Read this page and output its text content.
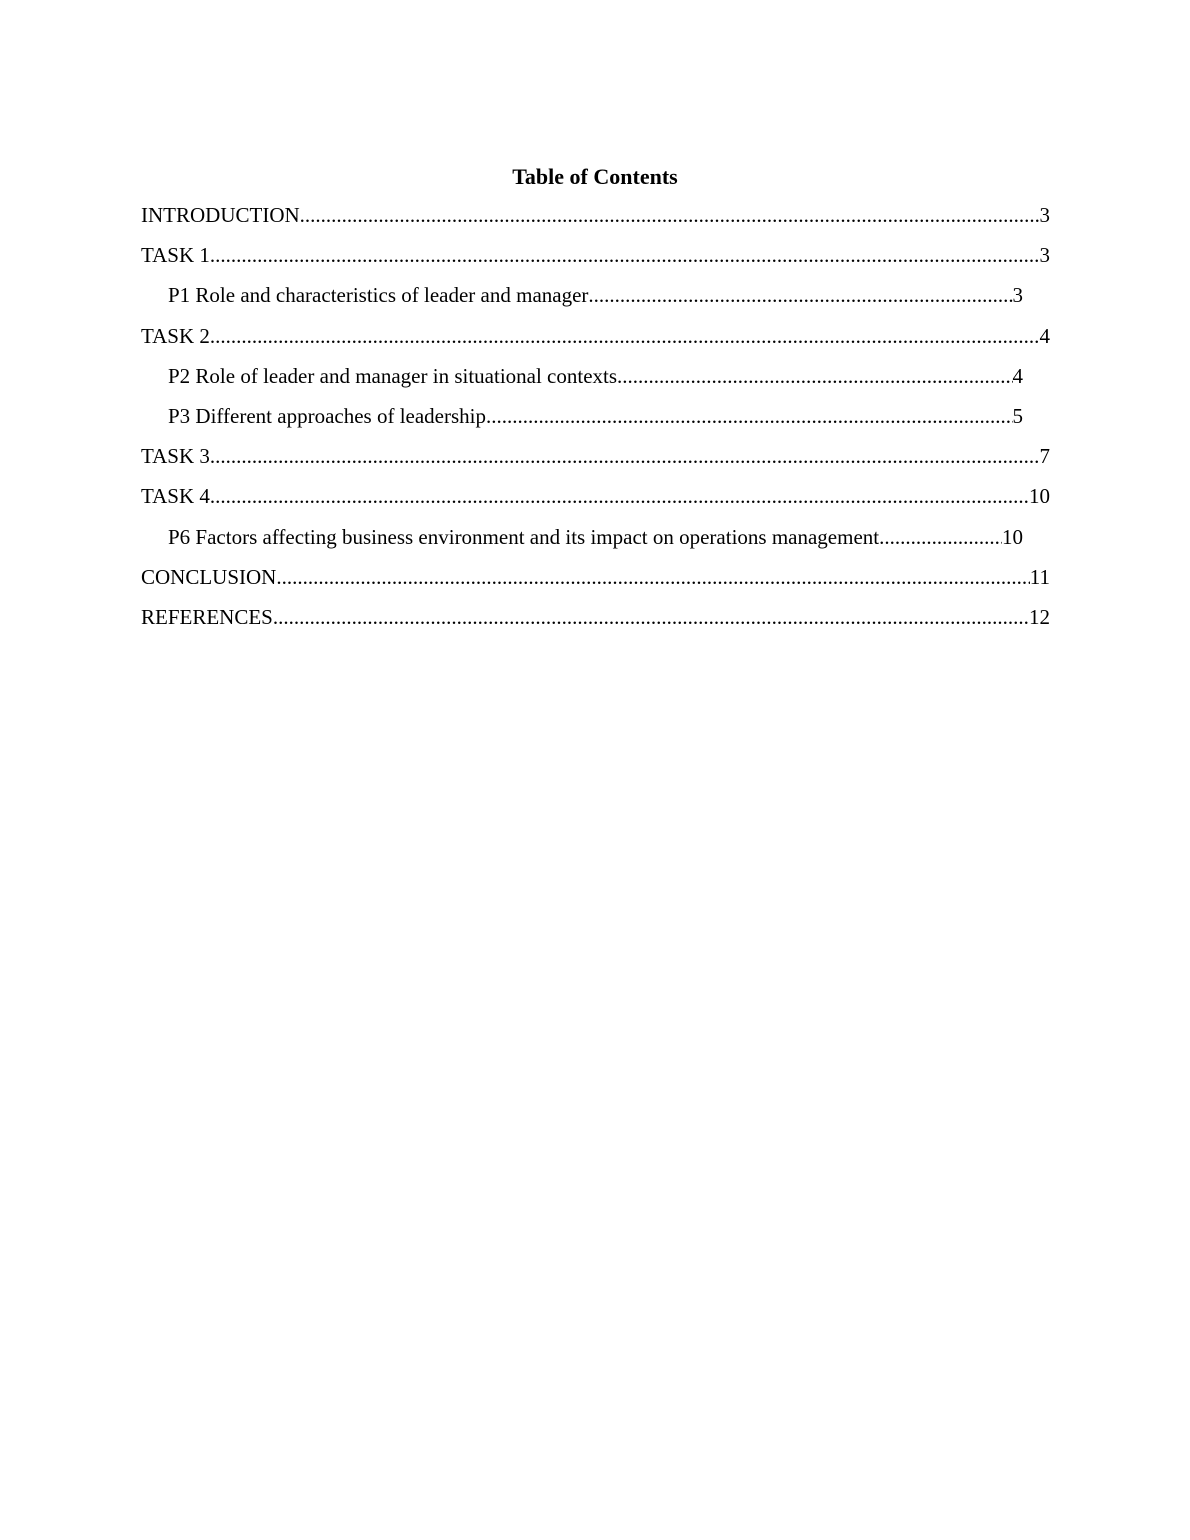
Table of Contents
INTRODUCTION .....	3
TASK 1 .....	3
P1 Role and characteristics of leader and manager .....	3
TASK 2 .....	4
P2 Role of leader and manager in situational contexts .....	4
P3 Different approaches of leadership .....	5
TASK 3 .....	7
TASK 4 .....	10
P6 Factors affecting business environment and its impact on operations management .....	10
CONCLUSION .....	11
REFERENCES .....	12
